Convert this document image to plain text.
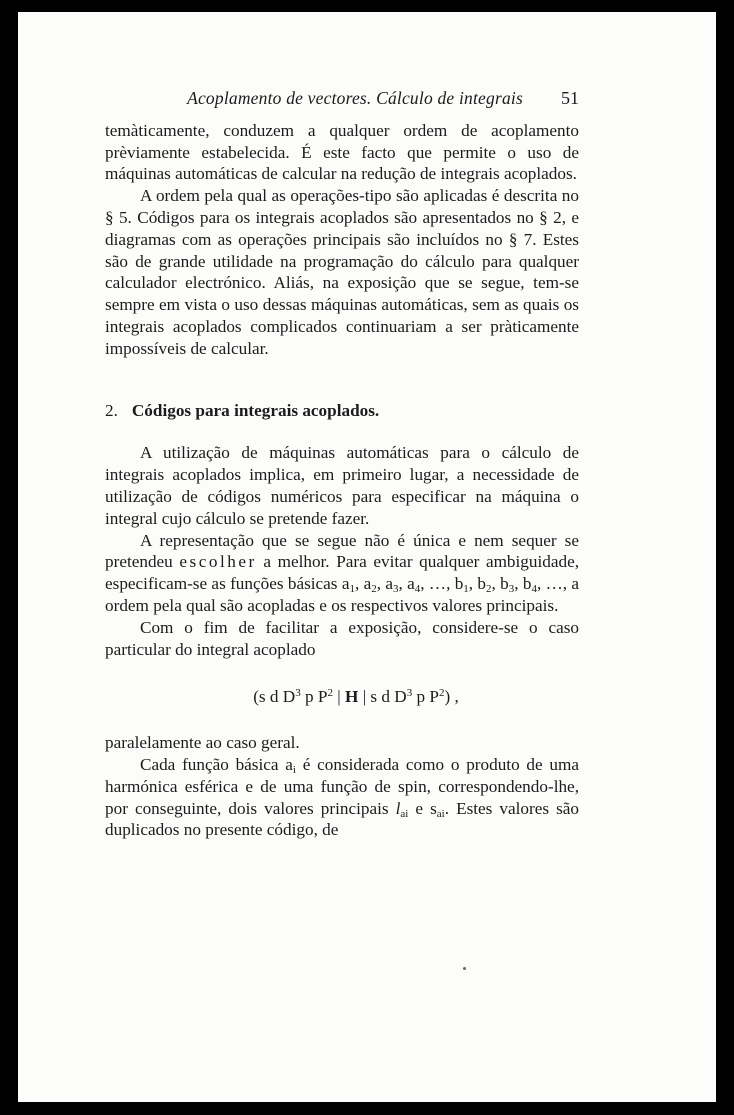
Acoplamento de vectores. Cálculo de integrais 51

temàticamente, conduzem a qualquer ordem de acoplamento prèviamente estabelecida. É este facto que permite o uso de máquinas automáticas de calcular na redução de integrais acoplados.

A ordem pela qual as operações-tipo são aplicadas é descrita no § 5. Códigos para os integrais acoplados são apresentados no § 2, e diagramas com as operações principais são incluídos no § 7. Estes são de grande utilidade na programação do cálculo para qualquer calculador electrónico. Aliás, na exposição que se segue, tem-se sempre em vista o uso dessas máquinas automáticas, sem as quais os integrais acoplados complicados continuariam a ser pràticamente impossíveis de calcular.

2. Códigos para integrais acoplados.

A utilização de máquinas automáticas para o cálculo de integrais acoplados implica, em primeiro lugar, a necessidade de utilização de códigos numéricos para especificar na máquina o integral cujo cálculo se pretende fazer.

A representação que se segue não é única e nem sequer se pretendeu escolher a melhor. Para evitar qualquer ambiguidade, especificam-se as funções básicas $a_1$, $a_2$, $a_3$, $a_4$, …, $b_1$, $b_2$, $b_3$, $b_4$, …, a ordem pela qual são acopladas e os respectivos valores principais.

Com o fim de facilitar a exposição, considere-se o caso particular do integral acoplado

(s d $D^3$ p $P^2$ | H | s d $D^3$ p $P^2$) ,

paralelamente ao caso geral.

Cada função básica $a_i$ é considerada como o produto de uma harmónica esférica e de uma função de spin, correspondendo-lhe, por conseguinte, dois valores principais $l_{ai}$ e $s_{ai}$. Estes valores são duplicados no presente código, de
